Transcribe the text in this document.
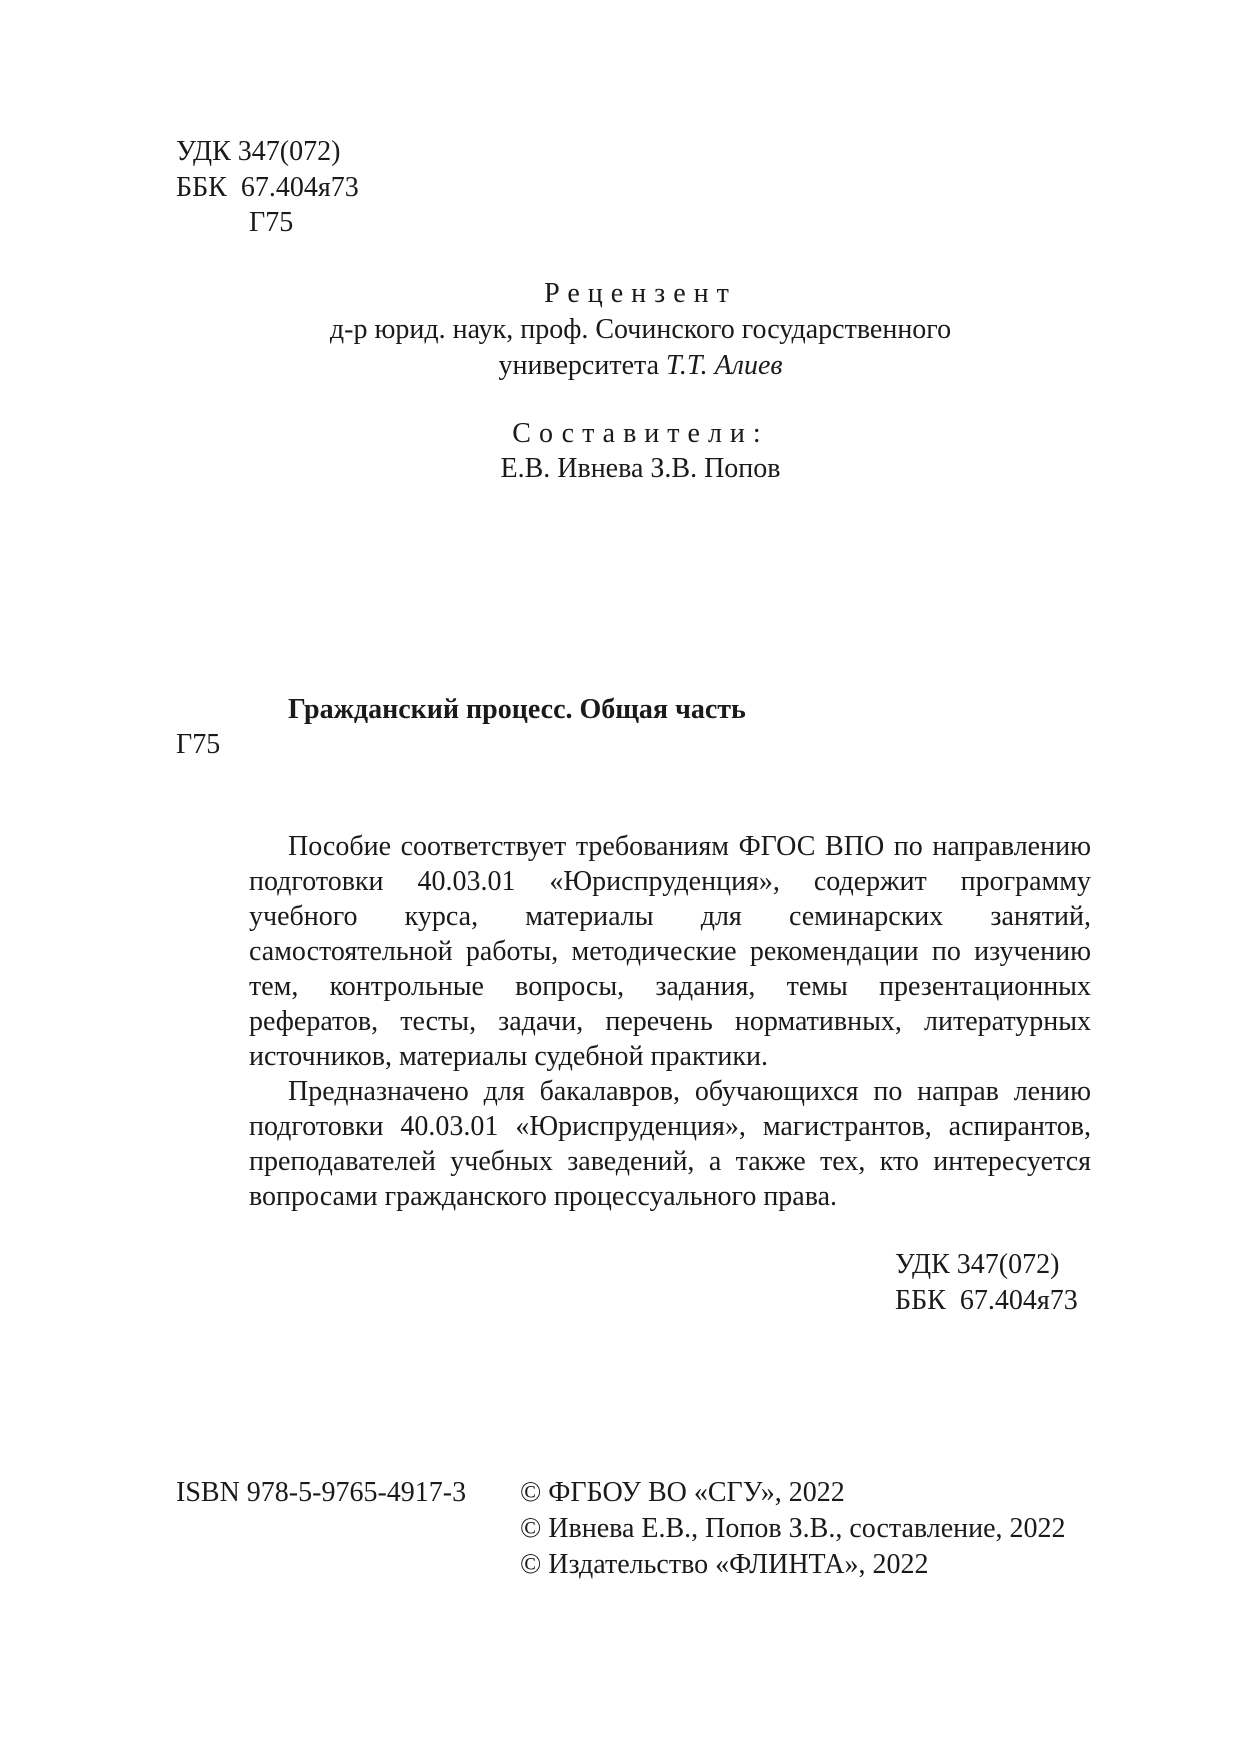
УДК 347(072)
ББК  67.404я73
Г75
Рецензент
д-р юрид. наук, проф. Сочинского государственного
университета Т.Т. Алиев
Составители:
Е.В. Ивнева З.В. Попов
Гражданский процесс. Общая часть
Г75

Пособие соответствует требованиям ФГОС ВПО по направлению подготовки 40.03.01 «Юриспруденция», содержит программу учебного курса, материалы для семинарских занятий, самостоятельной работы, методические рекомендации по изучению тем, контрольные вопросы, задания, темы презентационных рефератов, тесты, задачи, перечень нормативных, литературных источников, материалы судебной практики.

Предназначено для бакалавров, обучающихся по направ лению подготовки 40.03.01 «Юриспруденция», магистрантов, аспирантов, преподавателей учебных заведений, а также тех, кто интересуется вопросами гражданского процессуального права.

УДК 347(072)
ББК  67.404я73
ISBN 978-5-9765-4917-3 © ФГБОУ ВО «СГУ», 2022
© Ивнева Е.В., Попов З.В., составление, 2022
© Издательство «ФЛИНТА», 2022
